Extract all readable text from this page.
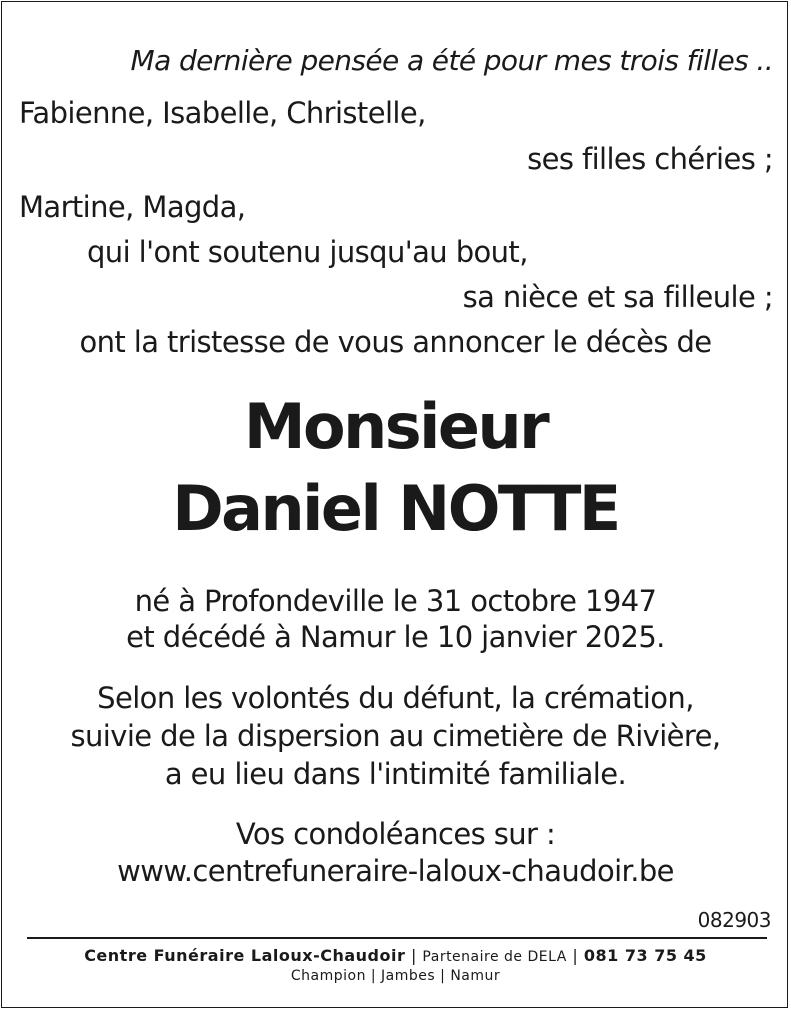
Ma dernière pensée a été pour mes trois filles ..
Fabienne, Isabelle, Christelle,
ses filles chéries ;
Martine, Magda,
qui l'ont soutenu jusqu'au bout,
sa nièce et sa filleule ;
ont la tristesse de vous annoncer le décès de
Monsieur
Daniel NOTTE
né à Profondeville le 31 octobre 1947
et décédé à Namur le 10 janvier 2025.
Selon les volontés du défunt, la crémation,
suivie de la dispersion au cimetière de Rivière,
a eu lieu dans l'intimité familiale.
Vos condoléances sur :
www.centrefuneraire-laloux-chaudoir.be
082903
Centre Funéraire Laloux-Chaudoir | Partenaire de DELA | 081 73 75 45
Champion | Jambes | Namur
